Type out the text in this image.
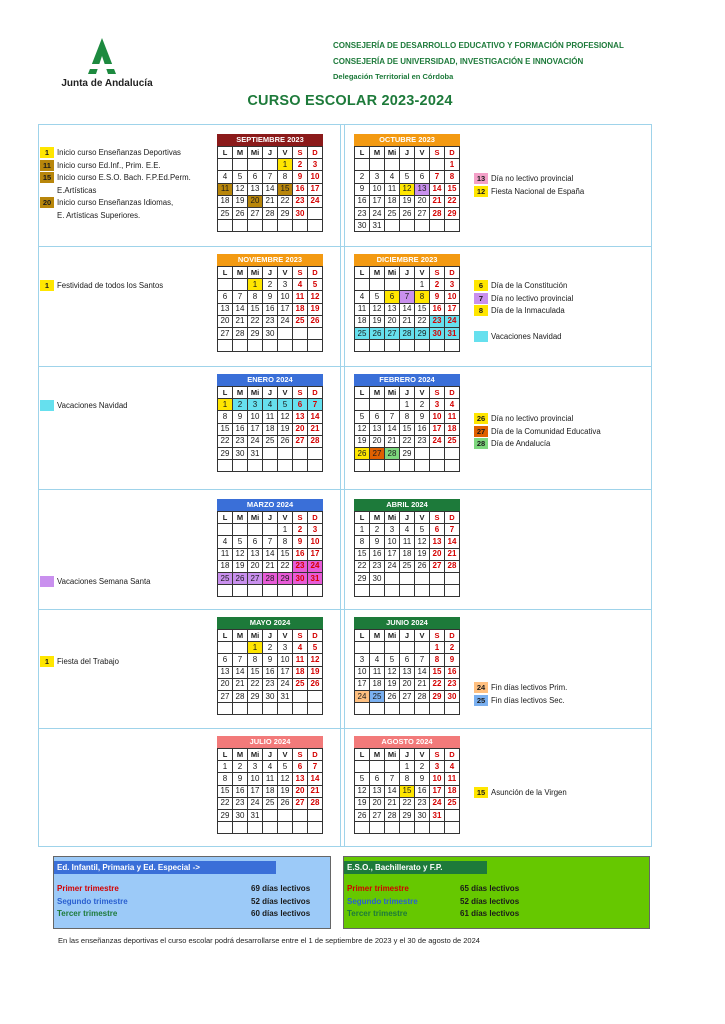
Junta de Andalucía
CONSEJERÍA DE DESARROLLO EDUCATIVO Y FORMACIÓN PROFESIONAL
CONSEJERÍA DE UNIVERSIDAD, INVESTIGACIÓN E INNOVACIÓN
Delegación Territorial en Córdoba
CURSO ESCOLAR 2023-2024
SEPTIEMBRE 2023
L	M	Mi	J	V	S	D
				1	2	3
4	5	6	7	8	9	10
11	12	13	14	15	16	17
18	19	20	21	22	23	24
25	26	27	28	29	30	

OCTUBRE 2023
L	M	Mi	J	V	S	D
						1
2	3	4	5	6	7	8
9	10	11	12	13	14	15
16	17	18	19	20	21	22
23	24	25	26	27	28	29
30	31					
NOVIEMBRE 2023
L	M	Mi	J	V	S	D
		1	2	3	4	5
6	7	8	9	10	11	12
13	14	15	16	17	18	19
20	21	22	23	24	25	26
27	28	29	30			

DICIEMBRE 2023
L	M	Mi	J	V	S	D
				1	2	3
4	5	6	7	8	9	10
11	12	13	14	15	16	17
18	19	20	21	22	23	24
25	26	27	28	29	30	31

ENERO 2024
L	M	Mi	J	V	S	D
1	2	3	4	5	6	7
8	9	10	11	12	13	14
15	16	17	18	19	20	21
22	23	24	25	26	27	28
29	30	31				

FEBRERO 2024
L	M	Mi	J	V	S	D
			1	2	3	4
5	6	7	8	9	10	11
12	13	14	15	16	17	18
19	20	21	22	23	24	25
26	27	28	29			

MARZO 2024
L	M	Mi	J	V	S	D
				1	2	3
4	5	6	7	8	9	10
11	12	13	14	15	16	17
18	19	20	21	22	23	24
25	26	27	28	29	30	31

ABRIL 2024
L	M	Mi	J	V	S	D
1	2	3	4	5	6	7
8	9	10	11	12	13	14
15	16	17	18	19	20	21
22	23	24	25	26	27	28
29	30					

MAYO 2024
L	M	Mi	J	V	S	D
		1	2	3	4	5
6	7	8	9	10	11	12
13	14	15	16	17	18	19
20	21	22	23	24	25	26
27	28	29	30	31		

JUNIO 2024
L	M	Mi	J	V	S	D
					1	2
3	4	5	6	7	8	9
10	11	12	13	14	15	16
17	18	19	20	21	22	23
24	25	26	27	28	29	30

JULIO 2024
L	M	Mi	J	V	S	D
1	2	3	4	5	6	7
8	9	10	11	12	13	14
15	16	17	18	19	20	21
22	23	24	25	26	27	28
29	30	31				

AGOSTO 2024
L	M	Mi	J	V	S	D
			1	2	3	4
5	6	7	8	9	10	11
12	13	14	15	16	17	18
19	20	21	22	23	24	25
26	27	28	29	30	31	

1	Inicio curso Enseñanzas Deportivas
11 Inicio curso Ed.Inf., Prim. E.E.
15 Inicio curso E.S.O. Bach. F.P.Ed.Perm.
E.Artísticas
20 Inicio curso Enseñanzas Idiomas,
E. Artísticas Superiores.
13 Día no lectivo provincial
12 Fiesta Nacional de España
1	Festividad de todos los Santos	6	Día de la Constitución
7	Día no lectivo provincial
8	Día de la Inmaculada
Vacaciones Navidad
Vacaciones Navidad
26 Día no lectivo provincial
27 Día de la Comunidad Educativa
28 Día de Andalucía
Vacaciones Semana Santa
1	Fiesta del Trabajo
24 Fin días lectivos Prim.
25 Fin días lectivos Sec.
15 Asunción de la Virgen
Ed. Infantil, Primaria y Ed. Especial ->
Primer trimestre	69 días lectivos
Segundo trimestre	52 días lectivos
Tercer trimestre	60 días lectivos
E.S.O., Bachillerato y F.P.
Primer trimestre	65 días lectivos
Segundo trimestre	52 días lectivos
Tercer trimestre	61 días lectivos
En las enseñanzas deportivas el curso escolar podrá desarrollarse entre el 1 de septiembre de 2023 y el 30 de agosto de 2024
